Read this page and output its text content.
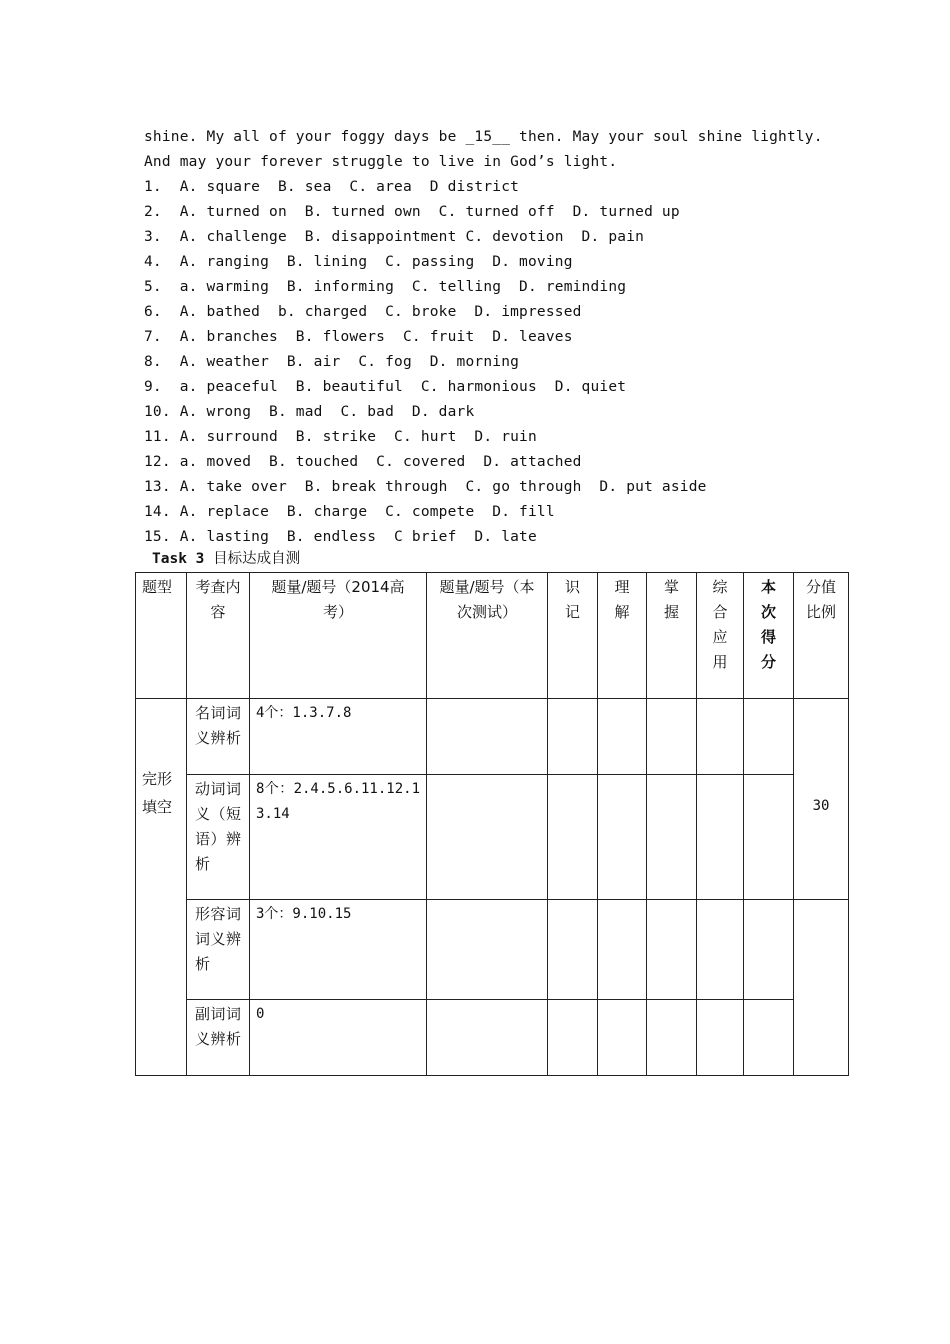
shine. My all of your foggy days be _15__ then. May your soul shine lightly.
And may your forever struggle to live in God’s light.
1.  A. square  B. sea  C. area  D district
2.  A. turned on  B. turned own  C. turned off  D. turned up
3.  A. challenge  B. disappointment C. devotion  D. pain
4.  A. ranging  B. lining  C. passing  D. moving
5.  a. warming  B. informing  C. telling  D. reminding
6.  A. bathed  b. charged  C. broke  D. impressed
7.  A. branches  B. flowers  C. fruit  D. leaves
8.  A. weather  B. air  C. fog  D. morning
9.  a. peaceful  B. beautiful  C. harmonious  D. quiet
10. A. wrong  B. mad  C. bad  D. dark
11. A. surround  B. strike  C. hurt  D. ruin
12. a. moved  B. touched  C. covered  D. attached
13. A. take over  B. break through  C. go through  D. put aside
14. A. replace  B. charge  C. compete  D. fill
15. A. lasting  B. endless  C brief  D. late
Task 3 目标达成自测
题型	考查内容	题量/题号（2014高考）	题量/题号（本次测试）	识记	理解	掌握	综合应用	本次得分	分值比例

完形填空	名词词义辨析	4个：1.3.7.8							30
	动词词义（短语）辨析	8个：2.4.5.6.11.12.13.14							
	形容词词义辨析	3个：9.10.15							
	副词词义辨析	0							
